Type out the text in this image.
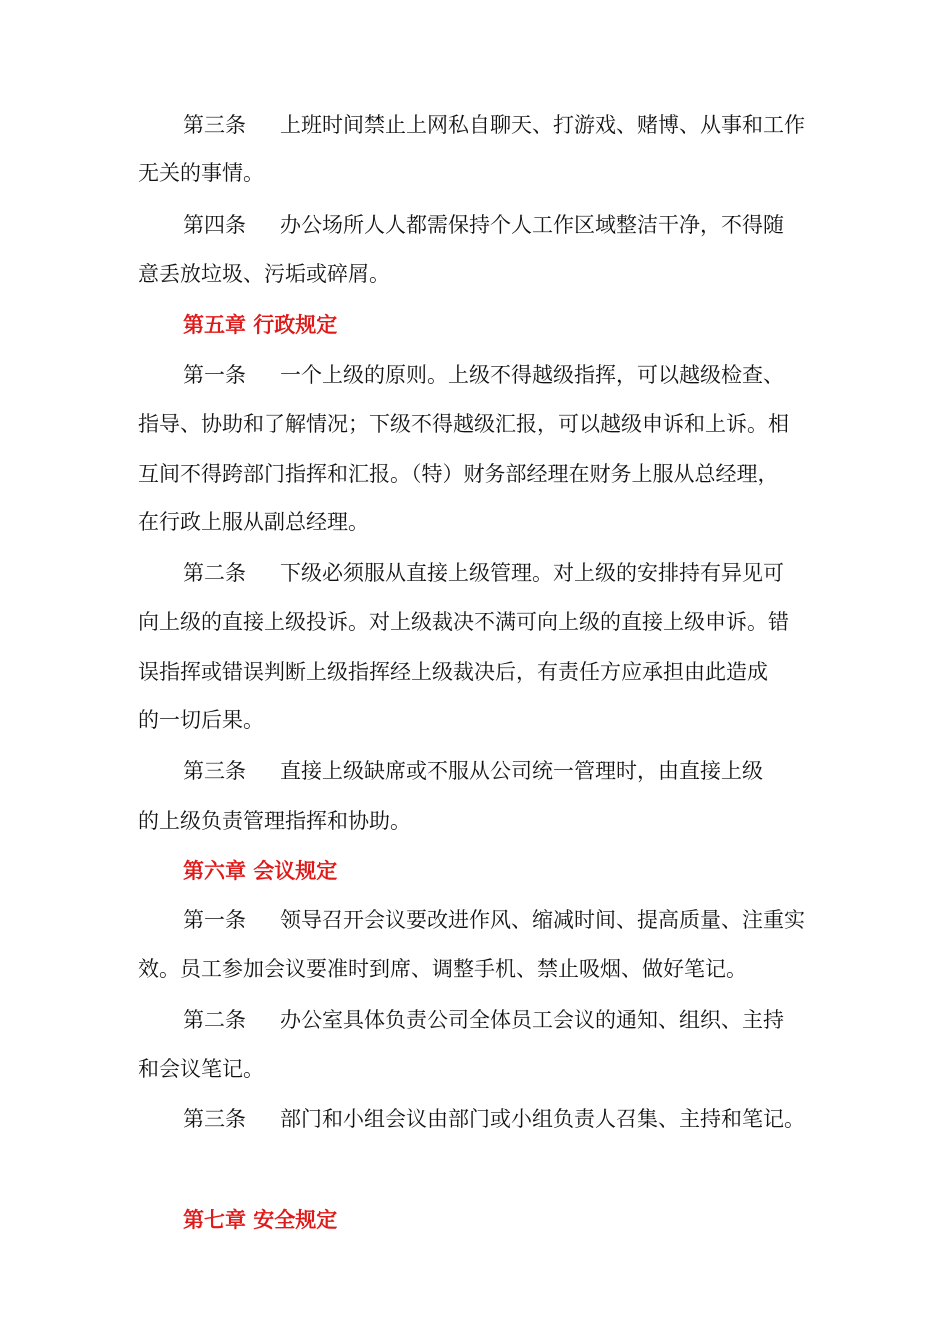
第三条 上班时间禁止上网私自聊天、打游戏、赌博、从事和工作
无关的事情。
第四条 办公场所人人都需保持个人工作区域整洁干净，不得随
意丢放垃圾、污垢或碎屑。
第五章 行政规定
第一条 一个上级的原则。上级不得越级指挥，可以越级检查、
指导、协助和了解情况；下级不得越级汇报，可以越级申诉和上诉。相
互间不得跨部门指挥和汇报。（特）财务部经理在财务上服从总经理，
在行政上服从副总经理。
第二条 下级必须服从直接上级管理。对上级的安排持有异见可
向上级的直接上级投诉。对上级裁决不满可向上级的直接上级申诉。错
误指挥或错误判断上级指挥经上级裁决后，有责任方应承担由此造成
的一切后果。
第三条 直接上级缺席或不服从公司统一管理时，由直接上级
的上级负责管理指挥和协助。
第六章 会议规定
第一条 领导召开会议要改进作风、缩减时间、提高质量、注重实
效。员工参加会议要准时到席、调整手机、禁止吸烟、做好笔记。
第二条 办公室具体负责公司全体员工会议的通知、组织、主持
和会议笔记。
第三条 部门和小组会议由部门或小组负责人召集、主持和笔记。
第七章 安全规定
